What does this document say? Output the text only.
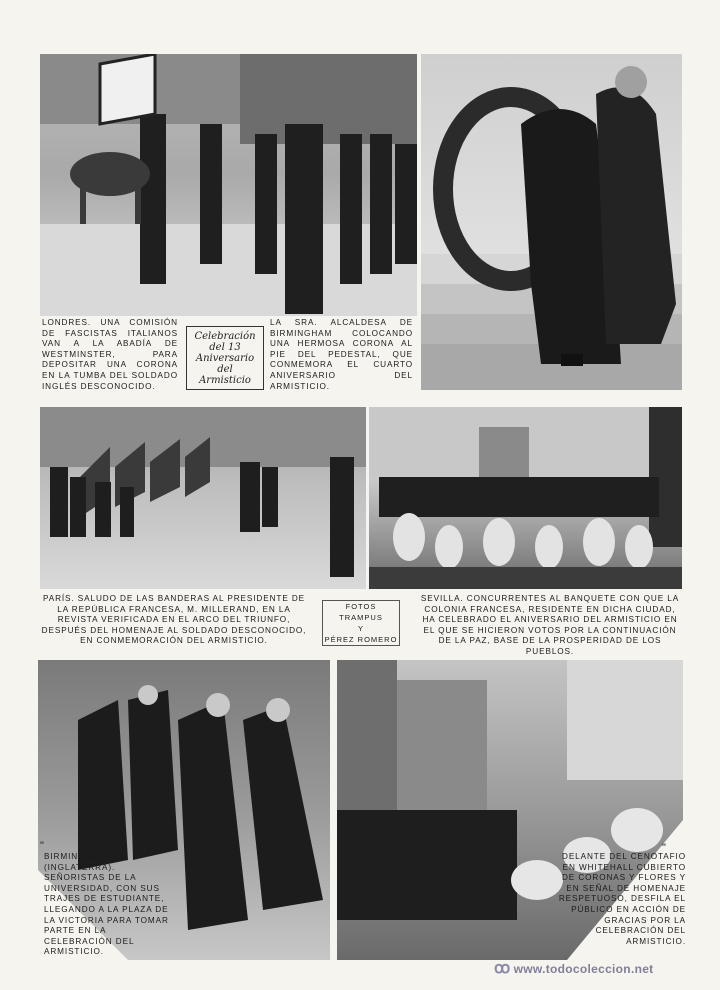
LONDRES. UNA COMISIÓN DE FASCISTAS ITALIANOS VAN A LA ABADÍA DE WESTMINSTER, PARA DEPOSITAR UNA CORONA EN LA TUMBA DEL SOLDADO INGLÉS DESCONOCIDO.

Celebración
del 13
Aniversario
del
Armisticio

LA SRA. ALCALDESA DE BIRMINGHAM COLOCANDO UNA HERMOSA CORONA AL PIE DEL PEDESTAL, QUE CONMEMORA EL CUARTO ANIVERSARIO DEL ARMISTICIO.

PARÍS. SALUDO DE LAS BANDERAS AL PRESIDENTE DE LA REPÚBLICA FRANCESA, M. MILLERAND, EN LA REVISTA VERIFICADA EN EL ARCO DEL TRIUNFO, DESPUÉS DEL HOMENAJE AL SOLDADO DESCONOCIDO, EN CONMEMORACIÓN DEL ARMISTICIO.

FOTOS TRAMPUS
Y
PÉREZ ROMERO

SEVILLA. CONCURRENTES AL BANQUETE CON QUE LA COLONIA FRANCESA, RESIDENTE EN DICHA CIUDAD, HA CELEBRADO EL ANIVERSARIO DEL ARMISTICIO EN EL QUE SE HICIERON VOTOS POR LA CONTINUACIÓN DE LA PAZ, BASE DE LA PROSPERIDAD DE LOS PUEBLOS.

"

BIRMINGAM (INGLATERRA). SEÑORISTAS DE LA UNIVERSIDAD, CON SUS TRAJES DE ESTUDIANTE, LLEGANDO A LA PLAZA DE LA VICTORIA PARA TOMAR PARTE EN LA CELEBRACIÓN DEL ARMISTICIO.

"

DELANTE DEL CENOTAFIO EN WHITEHALL CUBIERTO DE CORONAS Y FLORES Y EN SEÑAL DE HOMENAJE RESPETUOSO, DESFILA EL PÚBLICO EN ACCIÓN DE GRACIAS POR LA CELEBRACIÓN DEL ARMISTICIO.

ꝏ www.todocoleccion.net
